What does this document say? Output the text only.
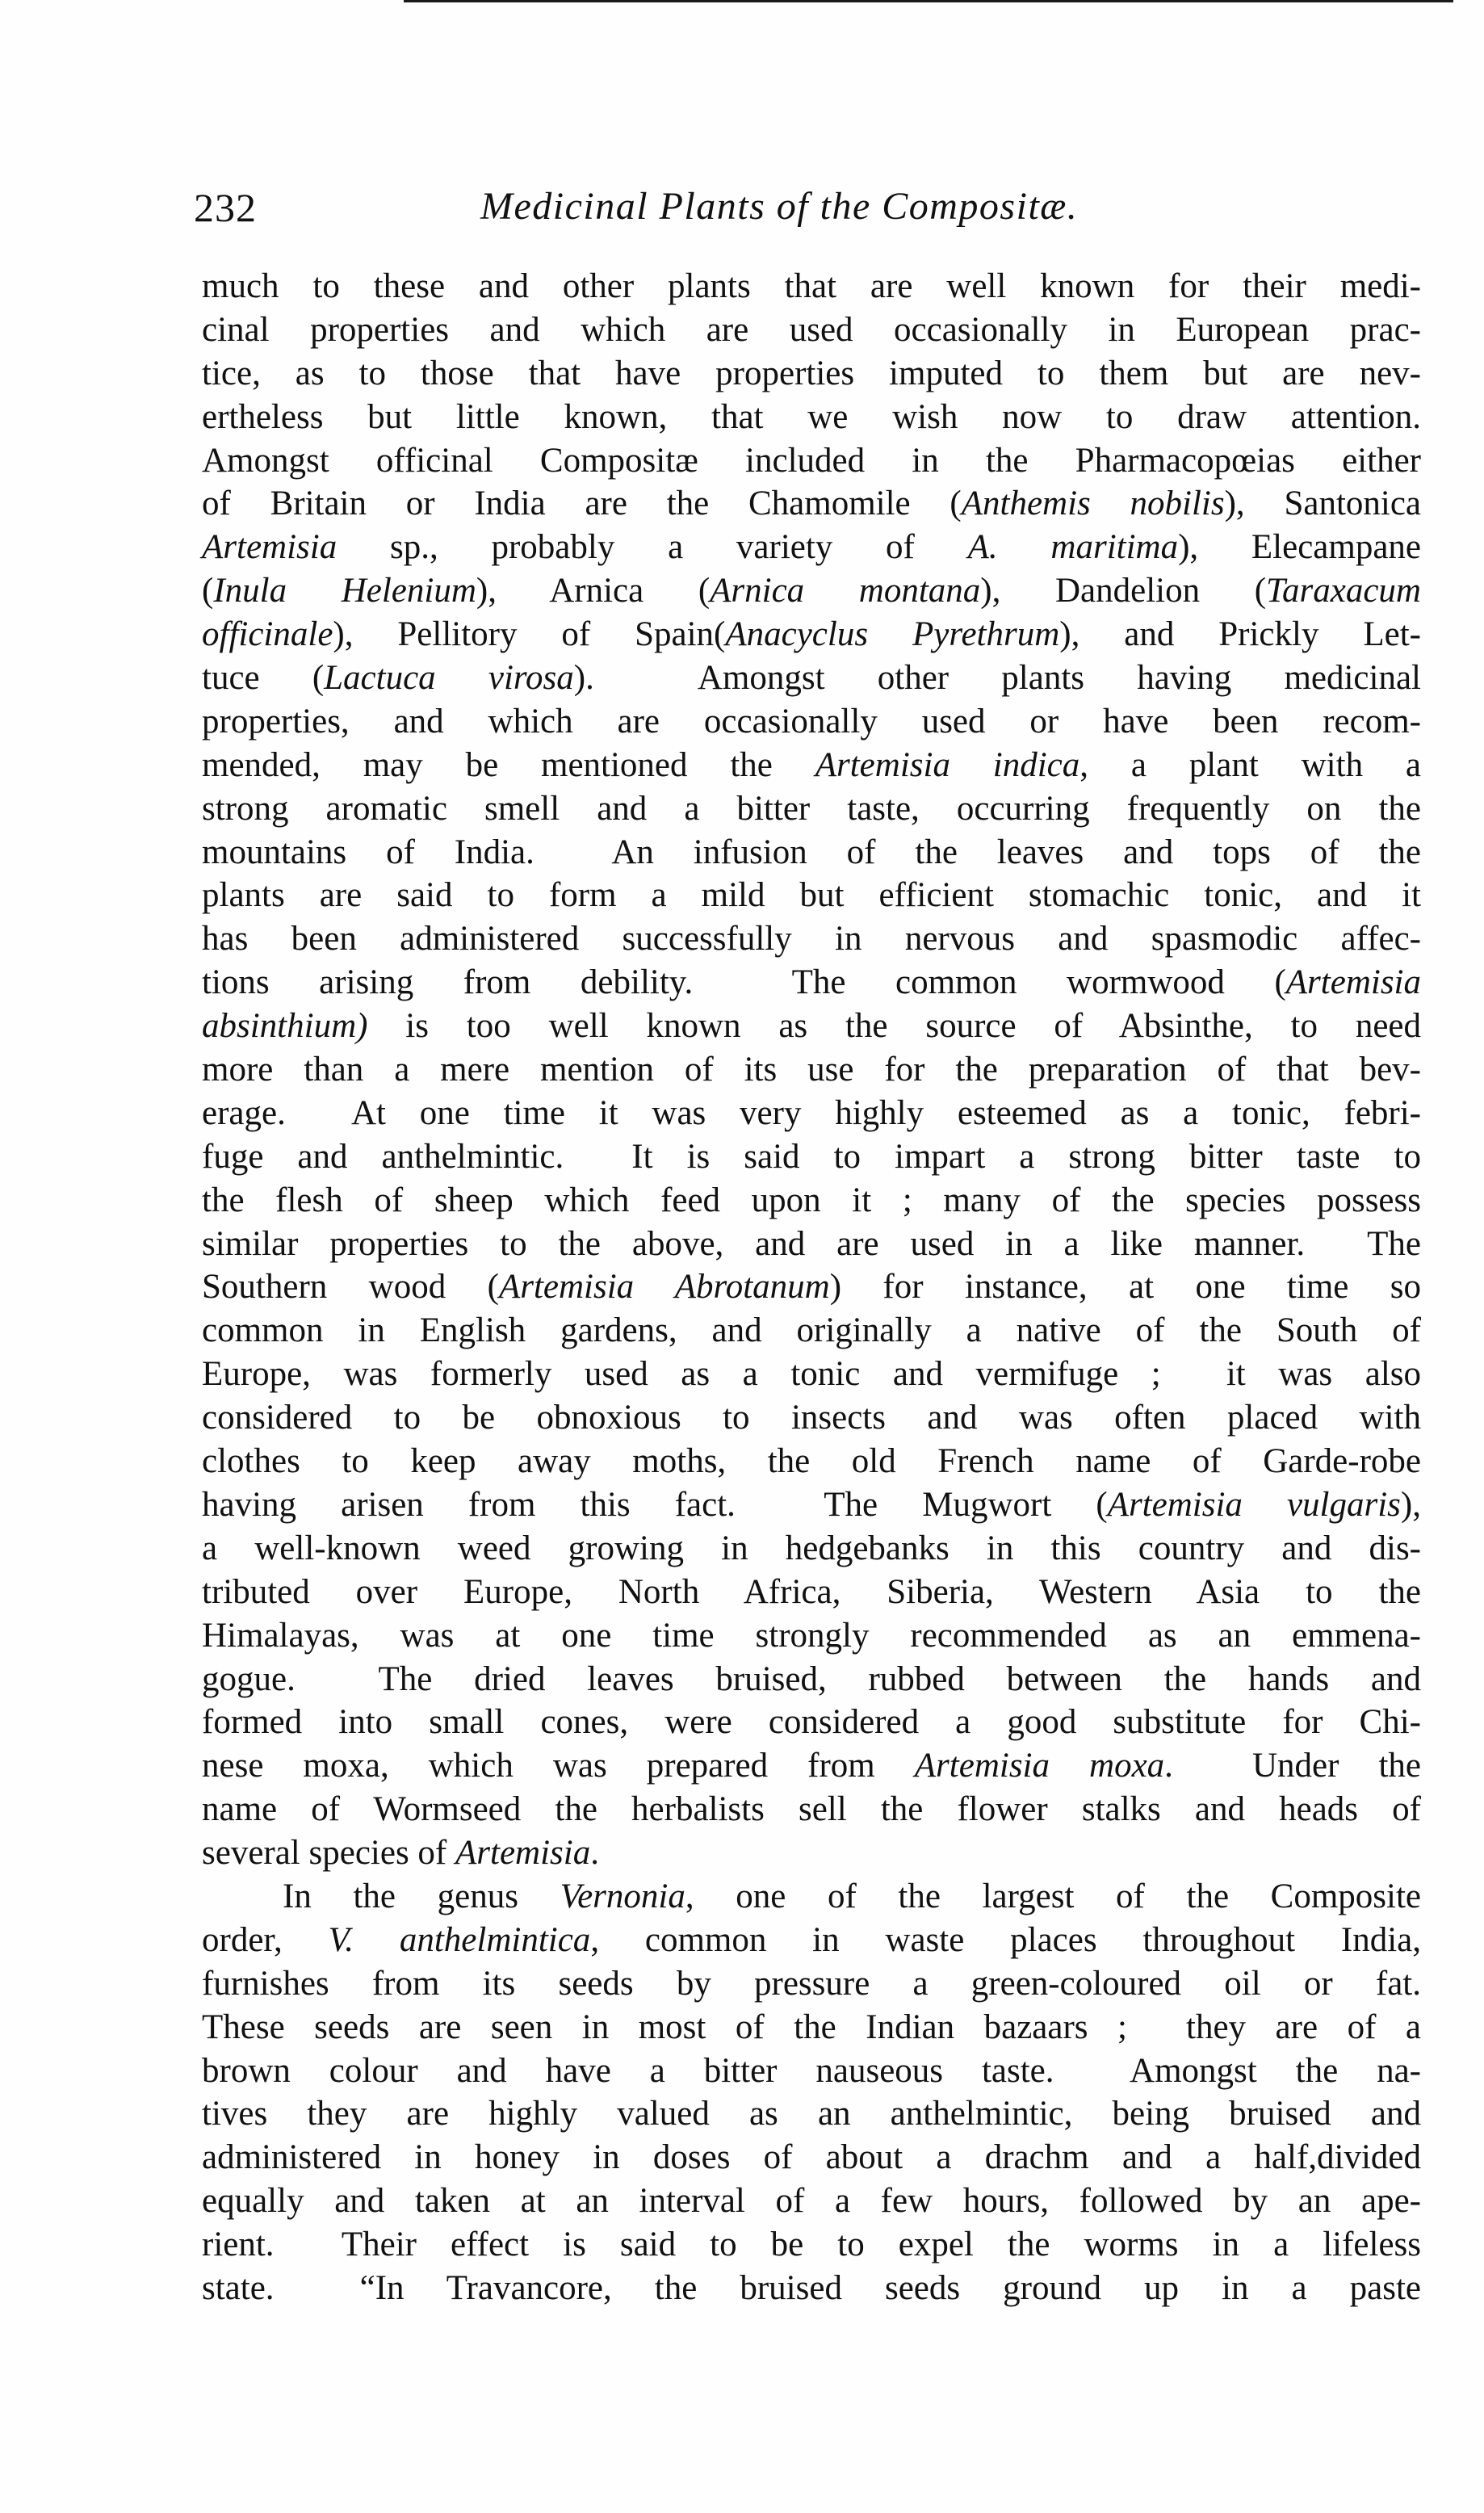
232	Medicinal Plants of the Compositæ.
much to these and other plants that are well known for their medi-
cinal properties and which are used occasionally in European prac-
tice, as to those that have properties imputed to them but are nev-
ertheless but little known, that we wish now to draw attention.
Amongst officinal Compositæ included in the Pharmacopœias either
of Britain or India are the Chamomile (Anthemis nobilis), Santonica
Artemisia sp., probably a variety of A. maritima), Elecampane
(Inula Helenium), Arnica (Arnica montana), Dandelion (Taraxacum
officinale), Pellitory of Spain(Anacyclus Pyrethrum), and Prickly Let-
tuce (Lactuca virosa).  Amongst other plants having medicinal
properties, and which are occasionally used or have been recom-
mended, may be mentioned the Artemisia indica, a plant with a
strong aromatic smell and a bitter taste, occurring frequently on the
mountains of India.  An infusion of the leaves and tops of the
plants are said to form a mild but efficient stomachic tonic, and it
has been administered successfully in nervous and spasmodic affec-
tions arising from debility.  The common wormwood (Artemisia
absinthium) is too well known as the source of Absinthe, to need
more than a mere mention of its use for the preparation of that bev-
erage.  At one time it was very highly esteemed as a tonic, febri-
fuge and anthelmintic.  It is said to impart a strong bitter taste to
the flesh of sheep which feed upon it ; many of the species possess
similar properties to the above, and are used in a like manner.  The
Southern wood (Artemisia Abrotanum) for instance, at one time so
common in English gardens, and originally a native of the South of
Europe, was formerly used as a tonic and vermifuge ;  it was also
considered to be obnoxious to insects and was often placed with
clothes to keep away moths, the old French name of Garde-robe
having arisen from this fact.  The Mugwort (Artemisia vulgaris),
a well-known weed growing in hedgebanks in this country and dis-
tributed over Europe, North Africa, Siberia, Western Asia to the
Himalayas, was at one time strongly recommended as an emmena-
gogue.  The dried leaves bruised, rubbed between the hands and
formed into small cones, were considered a good substitute for Chi-
nese moxa, which was prepared from Artemisia moxa.  Under the
name of Wormseed the herbalists sell the flower stalks and heads of
several species of Artemisia.
In the genus Vernonia, one of the largest of the Composite
order, V. anthelmintica, common in waste places throughout India,
furnishes from its seeds by pressure a green-coloured oil or fat.
These seeds are seen in most of the Indian bazaars ;  they are of a
brown colour and have a bitter nauseous taste.  Amongst the na-
tives they are highly valued as an anthelmintic, being bruised and
administered in honey in doses of about a drachm and a half,divided
equally and taken at an interval of a few hours, followed by an ape-
rient.  Their effect is said to be to expel the worms in a lifeless
state.  “In Travancore, the bruised seeds ground up in a paste
